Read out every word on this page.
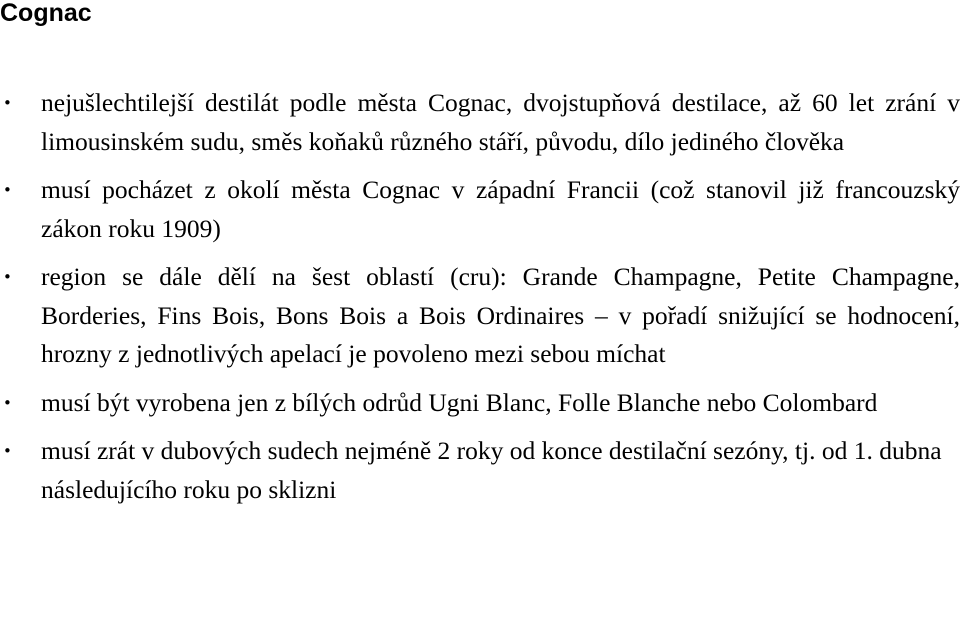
Cognac
• nejušlechtilejší destilát podle města Cognac, dvojstupňová destilace, až 60 let zrání v limousinském sudu, směs koňaků různého stáří, původu, dílo jediného člověka
• musí pocházet z okolí města Cognac v západní Francii (což stanovil již francouzský zákon roku 1909)
• region se dále dělí na šest oblastí (cru): Grande Champagne, Petite Champagne, Borderies, Fins Bois, Bons Bois a Bois Ordinaires – v pořadí snižující se hodnocení, hrozny z jednotlivých apelací je povoleno mezi sebou míchat
• musí být vyrobena jen z bílých odrůd Ugni Blanc, Folle Blanche nebo Colombard
• musí zrát v dubových sudech nejméně 2 roky od konce destilační sezóny, tj. od 1. dubna následujícího roku po sklizni
